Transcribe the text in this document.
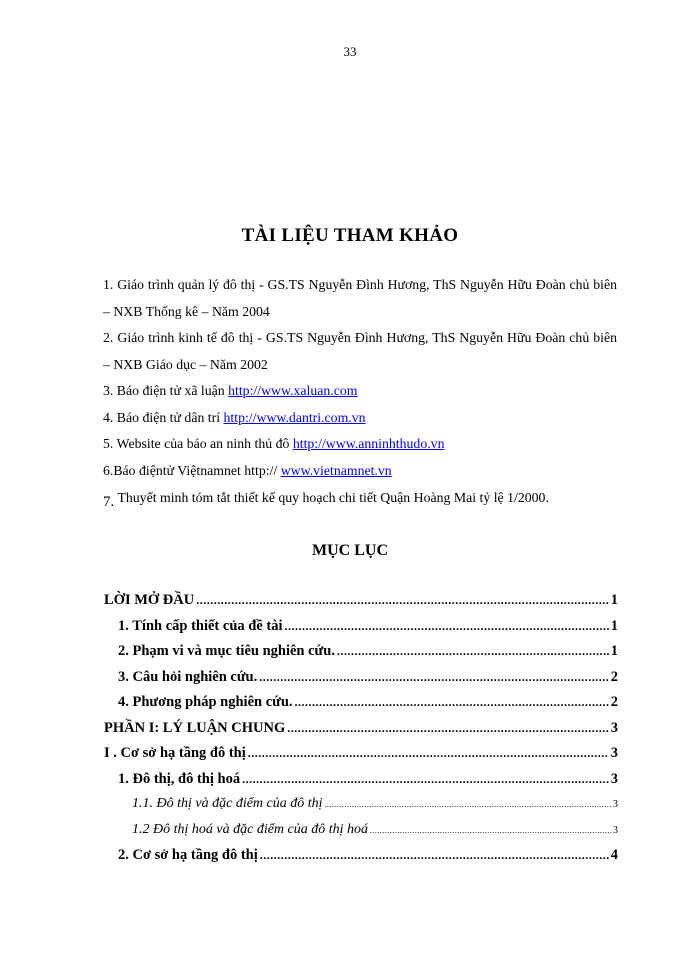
33
TÀI LIỆU THAM KHẢO

1. Giáo trình quản lý đô thị - GS.TS Nguyễn Đình Hương, ThS Nguyễn Hữu Đoàn chủ biên – NXB Thống kê – Năm 2004

2. Giáo trình kinh tế đô thị - GS.TS Nguyễn Đình Hương, ThS Nguyễn Hữu Đoàn chủ biên – NXB Giáo dục – Năm 2002

3. Báo điện tử xã luận http://www.xaluan.com

4. Báo điện tử dân trí http://www.dantri.com.vn

5. Website của báo an ninh thủ đô http://www.anninhthudo.vn

6.Báo điệntử Việtnamnet http:// www.vietnamnet.vn

7. Thuyết minh tóm tắt thiết kế quy hoạch chi tiết Quận Hoàng Mai tỷ lệ 1/2000.

MỤC LỤC
LỜI MỞ ĐẦU .....	1
1. Tính cấp thiết của đề tài .....	1
2. Phạm vi và mục tiêu nghiên cứu. .....	1
3. Câu hỏi nghiên cứu. .....	2
4. Phương pháp nghiên cứu. .....	2
PHẦN I: LÝ LUẬN CHUNG .....	3
I . Cơ sở hạ tầng đô thị .....	3
1. Đô thị, đô thị hoá .....	3
1.1. Đô thị và đặc điểm của đô thị .....	3
1.2 Đô thị hoá và đặc điểm của đô thị hoá .....	3
2. Cơ sở hạ tầng đô thị .....	4
